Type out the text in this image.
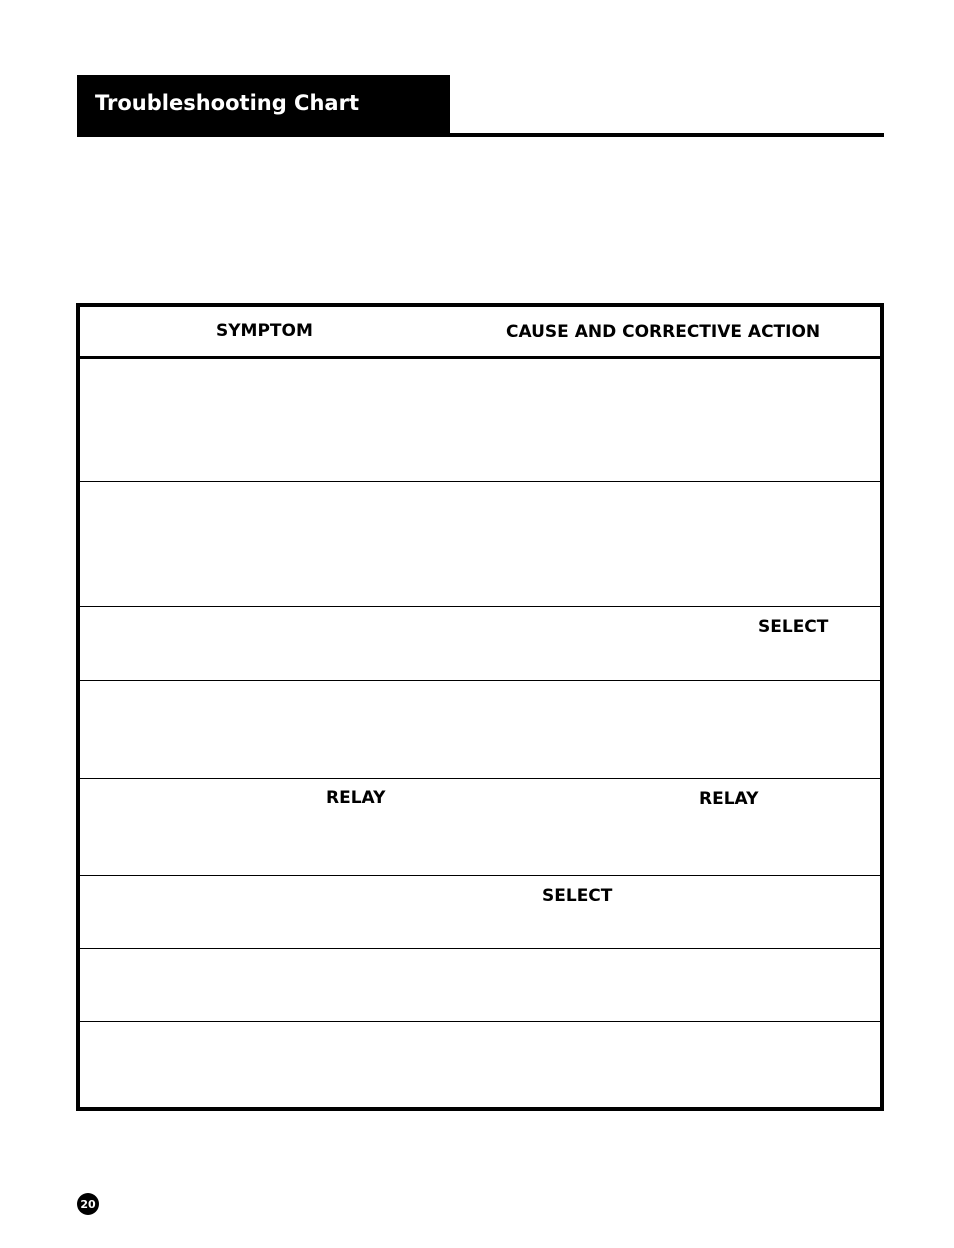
Troubleshooting Chart
SYMPTOM	CAUSE AND CORRECTIVE ACTION
SELECT
RELAY	RELAY
SELECT
20
